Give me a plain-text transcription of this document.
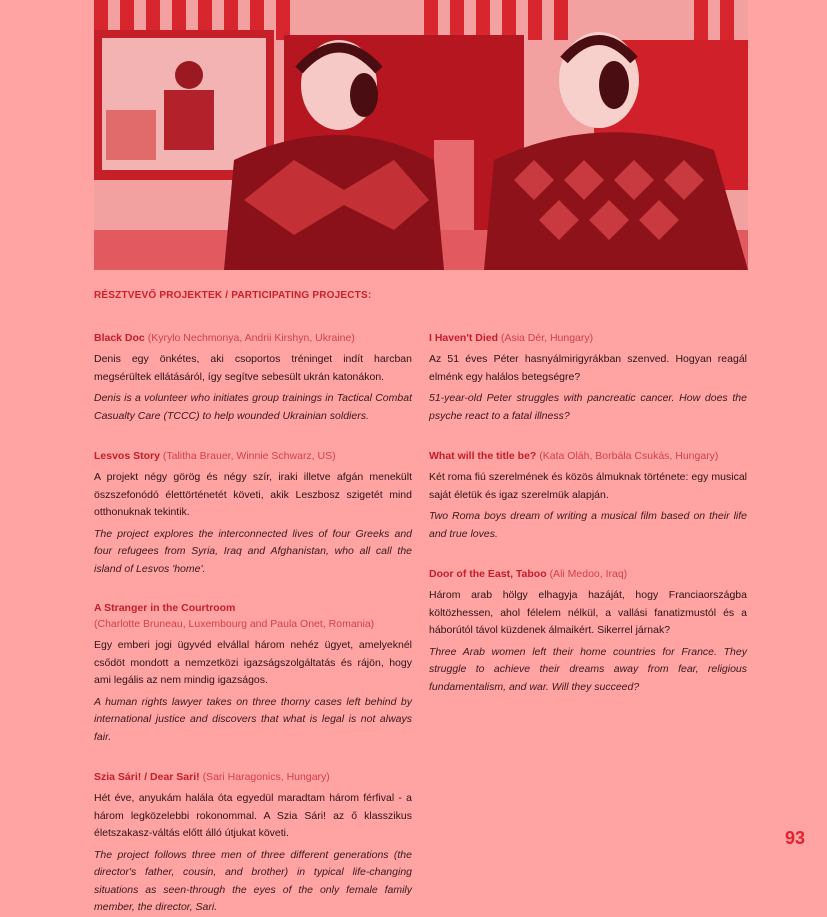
RÉSZTVEVŐ PROJEKTEK / PARTICIPATING PROJECTS:
Black Doc (Kyrylo Nechmonya, Andrii Kirshyn, Ukraine)
Denis egy önkétes, aki csoportos tréninget indít harcban megsérültek ellátásáról, így segítve sebesült ukrán katonákon.
Denis is a volunteer who initiates group trainings in Tactical Combat Casualty Care (TCCC) to help wounded Ukrainian soldiers.
Lesvos Story (Talitha Brauer, Winnie Schwarz, US)
A projekt négy görög és négy szír, iraki illetve afgán menekült öszszefonódó élettörténetét követi, akik Leszbosz szigetét mind otthonuknak tekintik.
The project explores the interconnected lives of four Greeks and four refugees from Syria, Iraq and Afghanistan, who all call the island of Lesvos 'home'.
A Stranger in the Courtroom
(Charlotte Bruneau, Luxembourg and Paula Onet, Romania)
Egy emberi jogi ügyvéd elvállal három nehéz ügyet, amelyeknél csődöt mondott a nemzetközi igazságszolgáltatás és rájön, hogy ami legális az nem mindig igazságos.
A human rights lawyer takes on three thorny cases left behind by international justice and discovers that what is legal is not always fair.
Szia Sári! / Dear Sari! (Sari Haragonics, Hungary)
Hét éve, anyukám halála óta egyedül maradtam három férfival - a három legközelebbi rokonommal. A Szia Sári! az ő klasszikus életszakasz-váltás előtt álló útjukat követi.
The project follows three men of three different generations (the director's father, cousin, and brother) in typical life-changing situations as seen-through the eyes of the only female family member, the director, Sari.
I Haven't Died (Asia Dér, Hungary)
Az 51 éves Péter hasnyálmirigyrákban szenved. Hogyan reagál elménk egy halálos betegségre?
51-year-old Peter struggles with pancreatic cancer. How does the psyche react to a fatal illness?
What will the title be? (Kata Oláh, Borbála Csukás, Hungary)
Két roma fiú szerelmének és közös álmuknak története: egy musical saját életük és igaz szerelmük alapján.
Two Roma boys dream of writing a musical film based on their life and true loves.
Door of the East, Taboo (Ali Medoo, Iraq)
Három arab hölgy elhagyja hazáját, hogy Franciaországba költözhessen, ahol félelem nélkül, a vallási fanatizmustól és a háborútól távol küzdenek álmaikért. Sikerrel járnak?
Three Arab women left their home countries for France. They struggle to achieve their dreams away from fear, religious fundamentalism, and war. Will they succeed?
93
